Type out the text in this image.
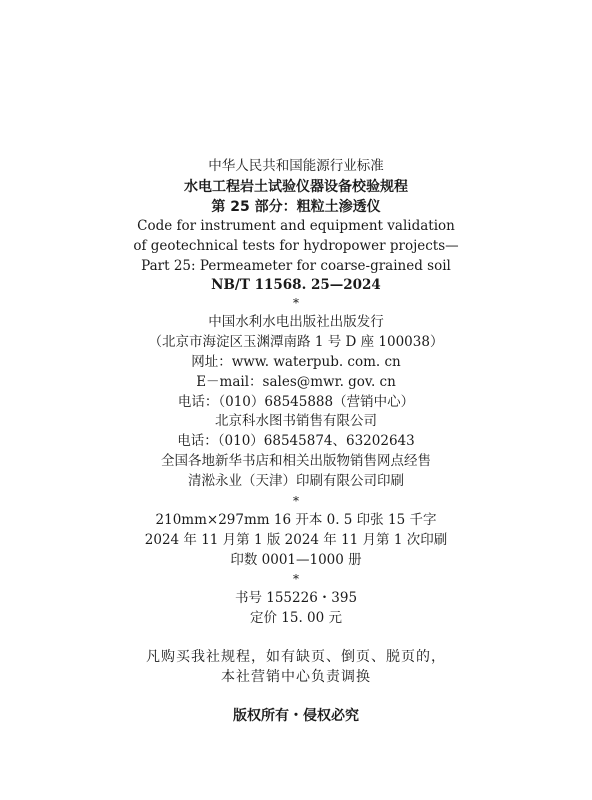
中华人民共和国能源行业标准
水电工程岩土试验仪器设备校验规程
第 25 部分：粗粒土渗透仪
Code for instrument and equipment validation
of geotechnical tests for hydropower projects—
Part 25: Permeameter for coarse-grained soil
NB/T 11568. 25—2024
*
中国水利水电出版社出版发行
（北京市海淀区玉渊潭南路 1 号 D 座 100038）
网址：www. waterpub. com. cn
E－mail：sales@mwr. gov. cn
电话：（010）68545888（营销中心）
北京科水图书销售有限公司
电话：（010）68545874、63202643
全国各地新华书店和相关出版物销售网点经售
清淞永业（天津）印刷有限公司印刷
*
210mm×297mm 16 开本 0. 5 印张 15 千字
2024 年 11 月第 1 版 2024 年 11 月第 1 次印刷
印数 0001—1000 册
*
书号 155226・395
定价 15. 00 元
凡购买我社规程，如有缺页、倒页、脱页的，
本社营销中心负责调换
版权所有・侵权必究
